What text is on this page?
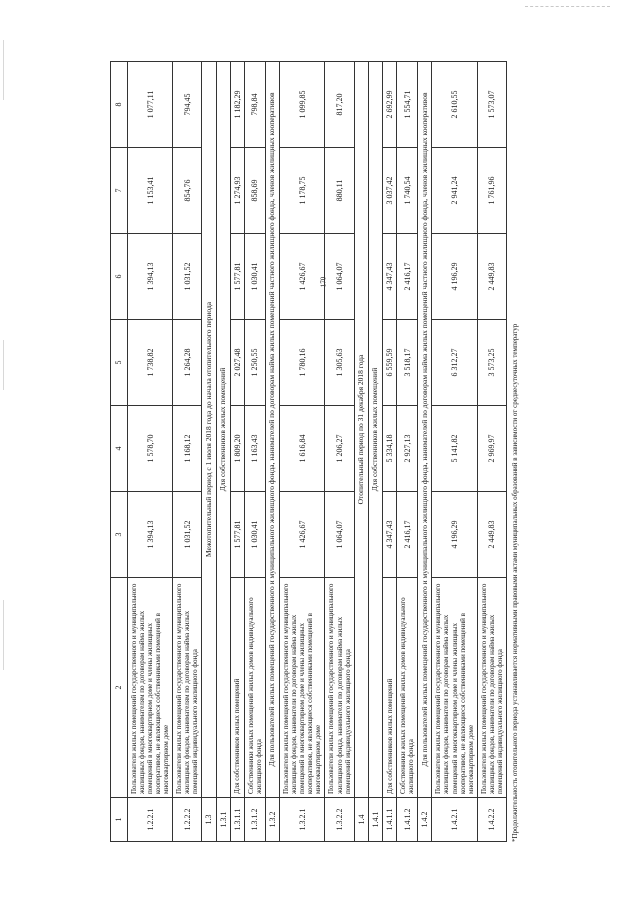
170
1	2	3	4	5	6	7	8
1.2.2.1	Пользователи жилых помещений государственного и муниципального жилищных фондов, нанимателям по договорам найма жилых помещений в многоквартирном доме и члены жилищных кооперативов, не являющиеся собственниками помещений в многоквартирном доме	1 394,13	1 578,70	1 738,82	1 394,13	1 153,41	1 077,11
1.2.2.2	Пользователи жилых помещений государственного и муниципального жилищных фондов, нанимателям по договорам найма жилых помещений индивидуального жилищного фонда	1 031,52	1 168,12	1 264,28	1 031,52	854,76	794,45
1.3	Межотопительный период с 1 июля 2018 года до начала отопительного периода						
1.3.1	Для собственников жилых помещений						
1.3.1.1	Для собственников жилых помещений	1 577,81	1 809,20	2 027,48	1 577,81	1 274,93	1 182,29
1.3.1.2	Собственники жилых помещений жилых домов индивидуального жилищного фонда	1 030,41	1 163,43	1 250,55	1 030,41	858,69	798,84
1.3.2	Для пользователей жилых помещений государственного и муниципального жилищного фонда, нанимателей по договорам найма жилых помещений частного жилищного фонда, членов жилищных кооперативов						
1.3.2.1	Пользователи жилых помещений государственного и муниципального жилищных фондов, наниматели по договорам найма жилых помещений в многоквартирном доме и члены жилищных кооперативов, не являющиеся собственниками помещений в многоквартирном доме	1 426,67	1 616,84	1 780,16	1 426,67	1 178,75	1 099,85
1.3.2.2	Пользователи жилых помещений государственного и муниципального жилищного фонда, наниматели по договорам найма жилых помещений индивидуального жилищного фонда	1 064,07	1 206,27	1 305,63	1 064,07	880,11	817,20
1.4	Отопительный период по 31 декабря 2018 года						
1.4.1	Для собственников жилых помещений						
1.4.1.1	Для собственников жилых помещений	4 347,43	5 334,18	6 559,59	4 347,43	3 037,42	2 692,99
1.4.1.2	Собственники жилых помещений жилых домов индивидуального жилищного фонда	2 416,17	2 927,13	3 518,17	2 416,17	1 740,54	1 554,71
1.4.2	Для пользователей жилых помещений государственного и муниципального жилищного фонда, нанимателей по договорам найма жилых помещений частного жилищного фонда, членов жилищных кооперативов						
1.4.2.1	Пользователи жилых помещений государственного и муниципального жилищных фондов, наниматели по договорам найма жилых помещений в многоквартирном доме и члены жилищных кооперативов, не являющиеся собственниками помещений в многоквартирном доме	4 196,29	5 141,82	6 312,27	4 196,29	2 941,24	2 610,55
1.4.2.2	Пользователи жилых помещений государственного и муниципального жилищных фондов, наниматели по договорам найма жилых помещений индивидуального жилищного фонда	2 449,83	2 969,97	3 573,25	2 449,83	1 761,96	1 573,07
*Продолжительность отопительного периода устанавливается нормативными правовыми актами муниципальных образований в зависимости от среднесуточных температур
